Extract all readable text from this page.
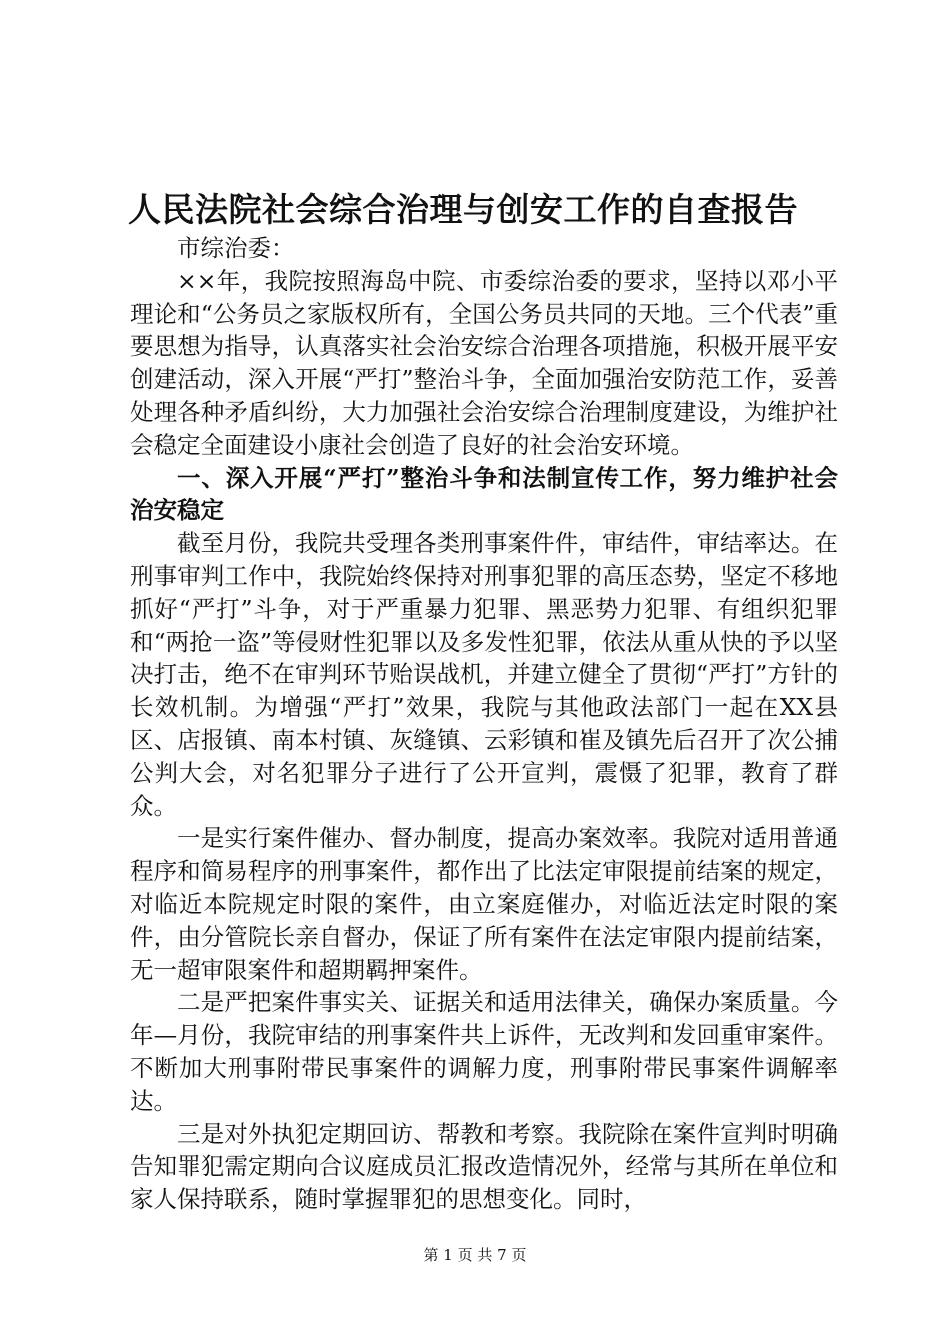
人民法院社会综合治理与创安工作的自查报告

市综治委：

××年，我院按照海岛中院、市委综治委的要求，坚持以邓小平理论和“公务员之家版权所有，全国公务员共同的天地。三个代表”重要思想为指导，认真落实社会治安综合治理各项措施，积极开展平安创建活动，深入开展“严打”整治斗争，全面加强治安防范工作，妥善处理各种矛盾纠纷，大力加强社会治安综合治理制度建设，为维护社会稳定全面建设小康社会创造了良好的社会治安环境。

一、深入开展“严打”整治斗争和法制宣传工作，努力维护社会治安稳定

截至月份，我院共受理各类刑事案件件，审结件，审结率达。在刑事审判工作中，我院始终保持对刑事犯罪的高压态势，坚定不移地抓好“严打”斗争，对于严重暴力犯罪、黑恶势力犯罪、有组织犯罪和“两抢一盗”等侵财性犯罪以及多发性犯罪，依法从重从快的予以坚决打击，绝不在审判环节贻误战机，并建立健全了贯彻“严打”方针的长效机制。为增强“严打”效果，我院与其他政法部门一起在XX县区、店报镇、南本村镇、灰缝镇、云彩镇和崔及镇先后召开了次公捕公判大会，对名犯罪分子进行了公开宣判，震慑了犯罪，教育了群众。

一是实行案件催办、督办制度，提高办案效率。我院对适用普通程序和简易程序的刑事案件，都作出了比法定审限提前结案的规定，对临近本院规定时限的案件，由立案庭催办，对临近法定时限的案件，由分管院长亲自督办，保证了所有案件在法定审限内提前结案，无一超审限案件和超期羁押案件。

二是严把案件事实关、证据关和适用法律关，确保办案质量。今年—月份，我院审结的刑事案件共上诉件，无改判和发回重审案件。不断加大刑事附带民事案件的调解力度，刑事附带民事案件调解率达。

三是对外执犯定期回访、帮教和考察。我院除在案件宣判时明确告知罪犯需定期向合议庭成员汇报改造情况外，经常与其所在单位和家人保持联系，随时掌握罪犯的思想变化。同时，

第 1 页 共 7 页
